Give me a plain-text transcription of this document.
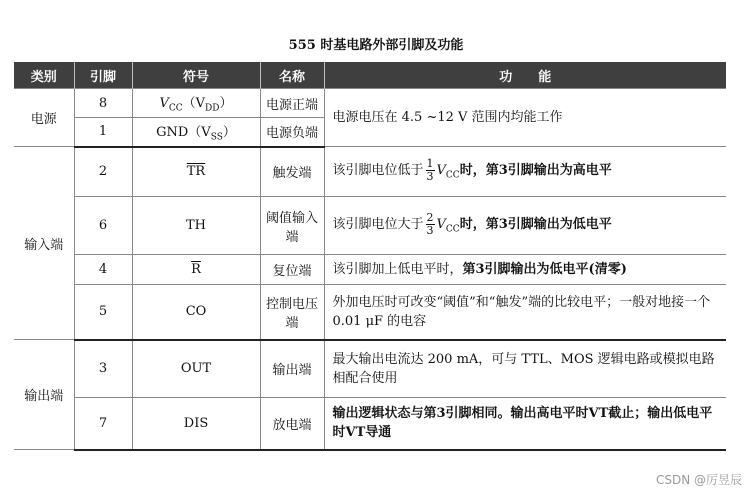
555 时基电路外部引脚及功能
类别	引脚	符号	名称	功　　能
电源	8	$V_{CC}(V_{DD})$	电源正端	电源电压在 4.5 ~12 V 范围内均能工作
	1	$GND(V_{SS})$	电源负端	
输入端	2	$\overline{TR}$	触发端	该引脚电位低于 $\frac{1}{3} V_{CC}$时，第3引脚输出为高电平
	6	TH	阈值输入端	该引脚电位大于 $\frac{2}{3} V_{CC}$时，第3引脚输出为低电平
	4	$\overline{R}$	复位端	该引脚加上低电平时，第3引脚输出为低电平(清零)
	5	CO	控制电压端	外加电压时可改变“阈值”和“触发”端的比较电平；一般对地接一个 0.01 μF 的电容
输出端	3	OUT	输出端	最大输出电流达 200 mA，可与 TTL、MOS 逻辑电路或模拟电路相配合使用
	7	DIS	放电端	输出逻辑状态与第3引脚相同。输出高电平时VT截止；输出低电平时VT导通
CSDN @厉昱辰
